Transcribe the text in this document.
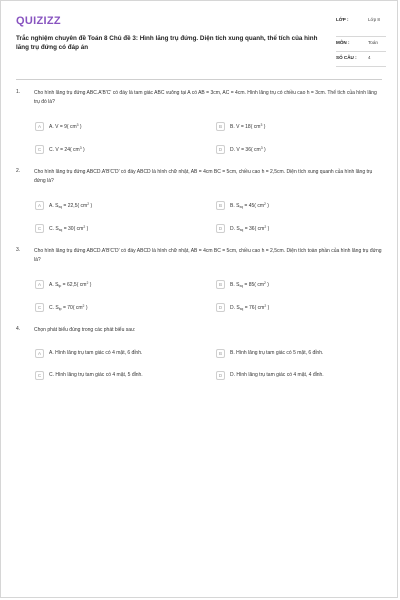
QUIZIZZ
Trắc nghiệm chuyên đề Toán 8 Chủ đề 3: Hình lăng trụ đứng. Diện tích xung quanh, thể tích của hình lăng trụ đứng có đáp án
LỚP :	Lớp 8
MÔN :	Toán
SỐ CÂU :	4
1.	Cho hình lăng trụ đứng ABC.A'B'C' có đáy là tam giác ABC vuông tại A có AB = 3cm, AC = 4cm. Hình lăng trụ có chiều cao h = 3cm. Thể tích của hình lăng trụ đó là?
A	A. V = 9( $cm^3$ )	B	B. V = 18( $cm^3$ )
C	C. V = 24( $cm^3$ )	D	D. V = 36( $cm^3$ )
2.	Cho hình lăng trụ đứng ABCD.A'B'C'D' có đáy ABCD là hình chữ nhật, AB = 4cm BC = 5cm, chiều cao h = 2,5cm. Diện tích xung quanh của hình lăng trụ đứng là?
A	A. $S_{xq} = 22,5$( $cm^2$ )	B	B. $S_{xq} = 45$( $cm^2$ )
C	C. $S_{xq} = 30$( $cm^2$ )	D	D. $S_{xq} = 36$( $cm^2$ )
3.	Cho hình lăng trụ đứng ABCD.A'B'C'D' có đáy ABCD là hình chữ nhật, AB = 4cm BC = 5cm, chiều cao h = 2,5cm. Diện tích toàn phần của hình lăng trụ đứng là?
A	A. $S_{tp} = 62,5$( $cm^2$ )	B	B. $S_{xq} = 85$( $cm^2$ )
C	C. $S_{tp} = 70$( $cm^2$ )	D	D. $S_{xq} = 76$( $cm^2$ )
4.	Chọn phát biểu đúng trong các phát biểu sau:
A	A. Hình lăng trụ tam giác có 4 mặt, 6 đỉnh.	B	B. Hình lăng trụ tam giác có 5 mặt, 6 đỉnh.
C	C. Hình lăng trụ tam giác có 4 mặt, 5 đỉnh.	D	D. Hình lăng trụ tam giác có 4 mặt, 4 đỉnh.
